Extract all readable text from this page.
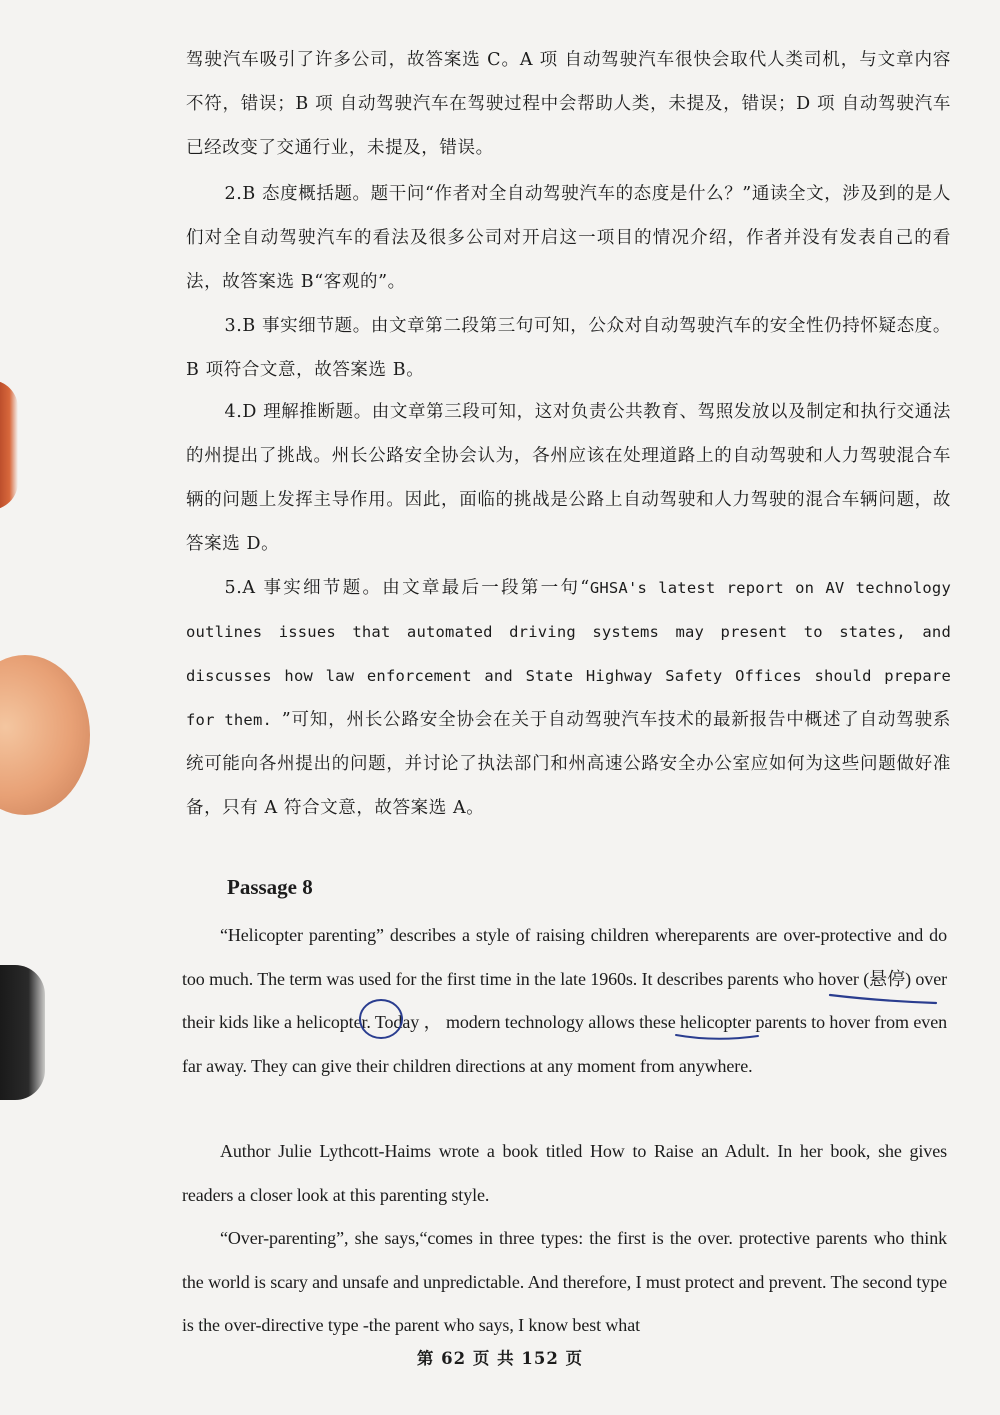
驾驶汽车吸引了许多公司，故答案选 C。A 项 自动驾驶汽车很快会取代人类司机，与文章内容不符，错误；B 项 自动驾驶汽车在驾驶过程中会帮助人类，未提及，错误；D 项 自动驾驶汽车已经改变了交通行业，未提及，错误。
2.B 态度概括题。题干问“作者对全自动驾驶汽车的态度是什么？”通读全文，涉及到的是人们对全自动驾驶汽车的看法及很多公司对开启这一项目的情况介绍，作者并没有发表自己的看法，故答案选 B“客观的”。
3.B 事实细节题。由文章第二段第三句可知，公众对自动驾驶汽车的安全性仍持怀疑态度。B 项符合文意，故答案选 B。
4.D 理解推断题。由文章第三段可知，这对负责公共教育、驾照发放以及制定和执行交通法的州提出了挑战。州长公路安全协会认为，各州应该在处理道路上的自动驾驶和人力驾驶混合车辆的问题上发挥主导作用。因此，面临的挑战是公路上自动驾驶和人力驾驶的混合车辆问题，故答案选 D。
5.A 事实细节题。由文章最后一段第一句“GHSA's latest report on AV technology outlines issues that automated driving systems may present to states, and discusses how law enforcement and State Highway Safety Offices should prepare for them. ”可知，州长公路安全协会在关于自动驾驶汽车技术的最新报告中概述了自动驾驶系统可能向各州提出的问题，并讨论了执法部门和州高速公路安全办公室应如何为这些问题做好准备，只有 A 符合文意，故答案选 A。
Passage 8
“Helicopter parenting” describes a style of raising children whereparents are over-protective and do too much. The term was used for the first time in the late 1960s. It describes parents who hover (悬停) over their kids like a helicopter. Today ， modern technology allows these helicopter parents to hover from even far away. They can give their children directions at any moment from anywhere.
Author Julie Lythcott-Haims wrote a book titled How to Raise an Adult. In her book, she gives readers a closer look at this parenting style.
“Over-parenting”, she says,“comes in three types: the first is the over. protective parents who think the world is scary and unsafe and unpredictable. And therefore, I must protect and prevent. The second type is the over-directive type -the parent who says, I know best what
第 62 页 共 152 页
